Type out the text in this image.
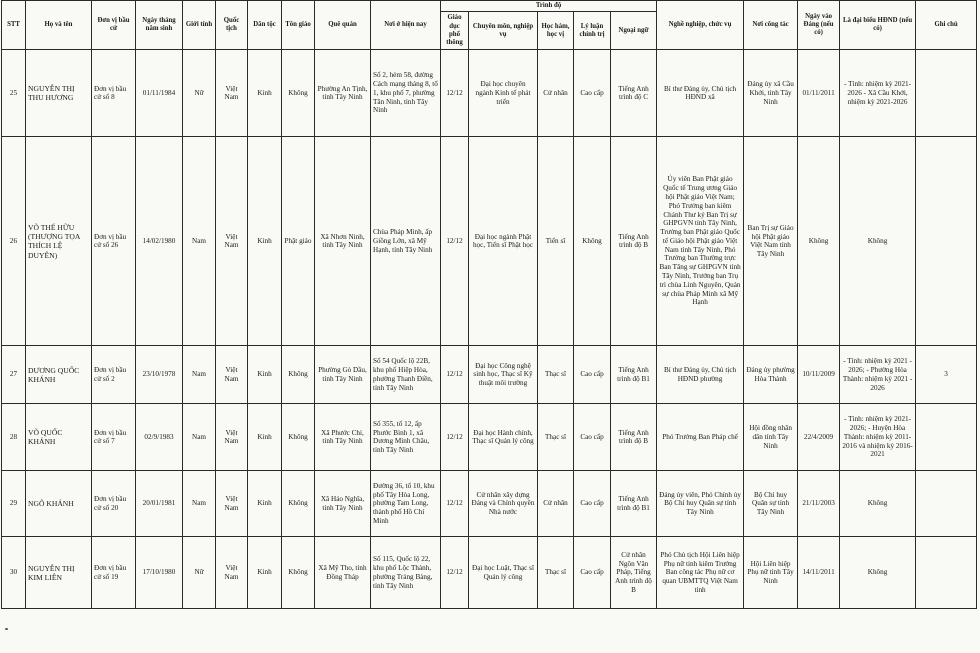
STT	Họ và tên	Đơn vị bầu cử	Ngày tháng năm sinh	Giới tính	Quốc tịch	Dân tộc	Tôn giáo	Quê quán	Nơi ở hiện nay	Trình độ					Nghề nghiệp, chức vụ	Nơi công tác	Ngày vào Đảng (nếu có)	Là đại biểu HĐND (nếu có)	Ghi chú
										Giáo dục phổ thông	Chuyên môn, nghiệp vụ	Học hàm, học vị	Lý luận chính trị	Ngoại ngữ					
25	NGUYỄN THỊ THU HƯƠNG	Đơn vị bầu cử số 8	01/11/1984	Nữ	Việt Nam	Kinh	Không	Phường An Tịnh, tỉnh Tây Ninh	Số 2, hẻm 58, đường Cách mạng tháng 8, tổ 1, khu phố 7, phường Tân Ninh, tỉnh Tây Ninh	12/12	Đại học chuyên ngành Kinh tế phát triển	Cử nhân	Cao cấp	Tiếng Anh trình độ C	Bí thư Đảng ủy, Chủ tịch HĐND xã	Đảng ủy xã Cầu Khởi, tỉnh Tây Ninh	01/11/2011	- Tỉnh: nhiệm kỳ 2021-2026 - Xã Cầu Khởi, nhiệm kỳ 2021-2026	
26	VÕ THẾ HỮU (THƯỢNG TỌA THÍCH LỆ DUYÊN)	Đơn vị bầu cử số 26	14/02/1980	Nam	Việt Nam	Kinh	Phật giáo	Xã Nhơn Ninh, tỉnh Tây Ninh	Chùa Pháp Minh, ấp Giồng Lớn, xã Mỹ Hạnh, tỉnh Tây Ninh	12/12	Đại học ngành Phật học, Tiến sĩ Phật học	Tiến sĩ	Không	Tiếng Anh trình độ B	Ủy viên Ban Phật giáo Quốc tế Trung ương Giáo hội Phật giáo Việt Nam; Phó Trưởng ban kiêm Chánh Thư ký Ban Trị sự GHPGVN tỉnh Tây Ninh, Trưởng ban Phật giáo Quốc tế Giáo hội Phật giáo Việt Nam tỉnh Tây Ninh, Phó Trưởng ban Thường trực Ban Tăng sự GHPGVN tỉnh Tây Ninh, Trưởng ban Trụ trì chùa Linh Nguyên, Quản sự chùa Pháp Minh xã Mỹ Hạnh	Ban Trị sự Giáo hội Phật giáo Việt Nam tỉnh Tây Ninh	Không	Không	
27	DƯƠNG QUỐC KHÁNH	Đơn vị bầu cử số 2	23/10/1978	Nam	Việt Nam	Kinh	Không	Phường Gò Dầu, tỉnh Tây Ninh	Số 54 Quốc lộ 22B, khu phố Hiệp Hòa, phường Thanh Điền, tỉnh Tây Ninh	12/12	Đại học Công nghệ sinh học, Thạc sĩ Kỹ thuật môi trường	Thạc sĩ	Cao cấp	Tiếng Anh trình độ B1	Bí thư Đảng ủy, Chủ tịch HĐND phường	Đảng ủy phường Hòa Thành	10/11/2009	- Tỉnh: nhiệm kỳ 2021 - 2026; - Phường Hòa Thành: nhiệm kỳ 2021 - 2026	3
28	VÕ QUỐC KHÁNH	Đơn vị bầu cử số 7	02/9/1983	Nam	Việt Nam	Kinh	Không	Xã Phước Chỉ, tỉnh Tây Ninh	Số 355, tổ 12, ấp Phước Bình 1, xã Dương Minh Châu, tỉnh Tây Ninh	12/12	Đại học Hành chính, Thạc sĩ Quản lý công	Thạc sĩ	Cao cấp	Tiếng Anh trình độ B	Phó Trưởng Ban Pháp chế	Hội đồng nhân dân tỉnh Tây Ninh	22/4/2009	- Tỉnh: nhiệm kỳ 2021-2026; - Huyện Hòa Thành: nhiệm kỳ 2011-2016 và nhiệm kỳ 2016-2021	
29	NGÔ KHÁNH	Đơn vị bầu cử số 20	20/01/1981	Nam	Việt Nam	Kinh	Không	Xã Hảo Nghĩa, tỉnh Tây Ninh	Đường 36, tổ 10, khu phố Tây Hòa Long, phường Tam Long, thành phố Hồ Chí Minh	12/12	Cử nhân xây dựng Đảng và Chính quyền Nhà nước	Cử nhân	Cao cấp	Tiếng Anh trình độ B1	Đảng ủy viên, Phó Chính ủy Bộ Chỉ huy Quân sự tỉnh Tây Ninh	Bộ Chỉ huy Quân sự tỉnh Tây Ninh	21/11/2003	Không	
30	NGUYỄN THỊ KIM LIÊN	Đơn vị bầu cử số 19	17/10/1980	Nữ	Việt Nam	Kinh	Không	Xã Mỹ Tho, tỉnh Đồng Tháp	Số 115, Quốc lộ 22, khu phố Lộc Thành, phường Trảng Bàng, tỉnh Tây Ninh	12/12	Đại học Luật, Thạc sĩ Quản lý công	Thạc sĩ	Cao cấp	Cử nhân Ngôn Văn Pháp, Tiếng Anh trình độ B	Phó Chủ tịch Hội Liên hiệp Phụ nữ tỉnh kiêm Trưởng Ban công tác Phụ nữ cơ quan UBMTTQ Việt Nam tỉnh	Hội Liên hiệp Phụ nữ tỉnh Tây Ninh	14/11/2011	Không	
